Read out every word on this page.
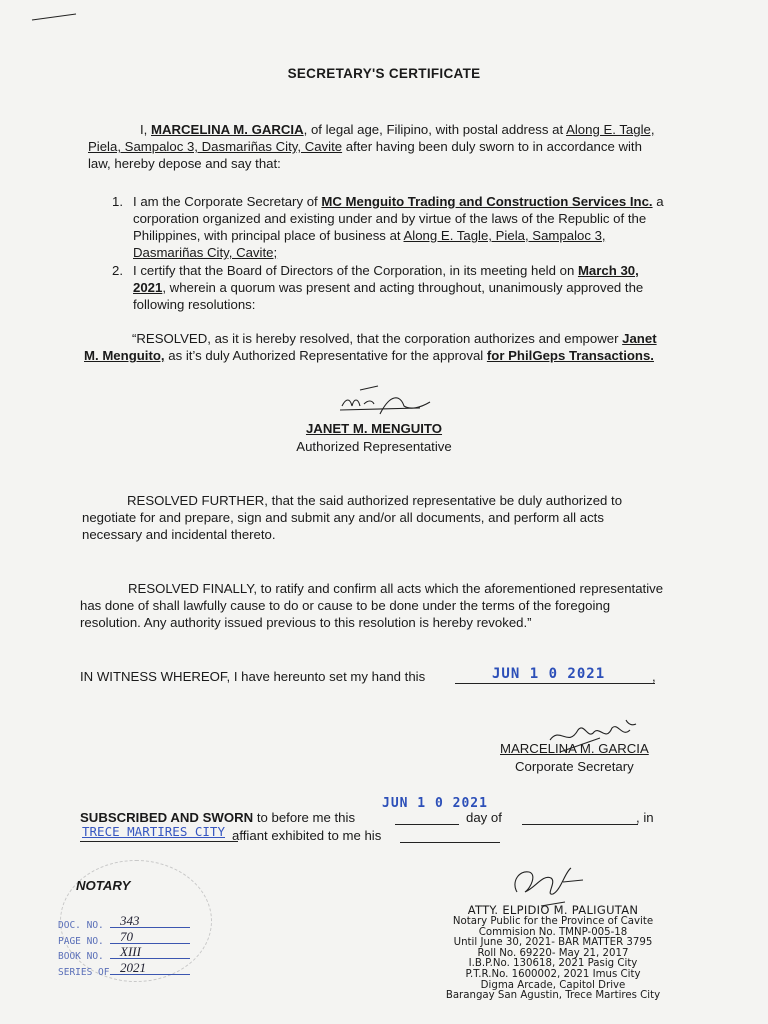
SECRETARY'S CERTIFICATE
I, MARCELINA M. GARCIA, of legal age, Filipino, with postal address at Along E. Tagle, Piela, Sampaloc 3, Dasmariñas City, Cavite after having been duly sworn to in accordance with law, hereby depose and say that:
1. I am the Corporate Secretary of MC Menguito Trading and Construction Services Inc. a corporation organized and existing under and by virtue of the laws of the Republic of the Philippines, with principal place of business at Along E. Tagle, Piela, Sampaloc 3, Dasmariñas City, Cavite;
2. I certify that the Board of Directors of the Corporation, in its meeting held on March 30, 2021, wherein a quorum was present and acting throughout, unanimously approved the following resolutions:
“RESOLVED, as it is hereby resolved, that the corporation authorizes and empower Janet M. Menguito, as it’s duly Authorized Representative for the approval for PhilGeps Transactions.
JANET M. MENGUITO
Authorized Representative
RESOLVED FURTHER, that the said authorized representative be duly authorized to negotiate for and prepare, sign and submit any and/or all documents, and perform all acts necessary and incidental thereto.
RESOLVED FINALLY, to ratify and confirm all acts which the aforementioned representative has done of shall lawfully cause to do or cause to be done under the terms of the foregoing resolution. Any authority issued previous to this resolution is hereby revoked.”
IN WITNESS WHEREOF, I have hereunto set my hand this	JUN 1 0 2021	,
MARCELINA M. GARCIA
Corporate Secretary
SUBSCRIBED AND SWORN to before me this
JUN 1 0 2021
day of	, in
TRECE MARTIRES CITY affiant exhibited to me his
NOTARY
DOC. NO. 343
PAGE NO. 70
BOOK NO. XIII
SERIES OF 2021
ATTY. ELPIDIO M. PALIGUTAN
Notary Public for the Province of Cavite
Commision No. TMNP-005-18
Until June 30, 2021- BAR MATTER 3795
Roll No. 69220- May 21, 2017
I.B.P.No. 130618, 2021 Pasig City
P.T.R.No. 1600002, 2021 Imus City
Digma Arcade, Capitol Drive
Barangay San Agustin, Trece Martires City
